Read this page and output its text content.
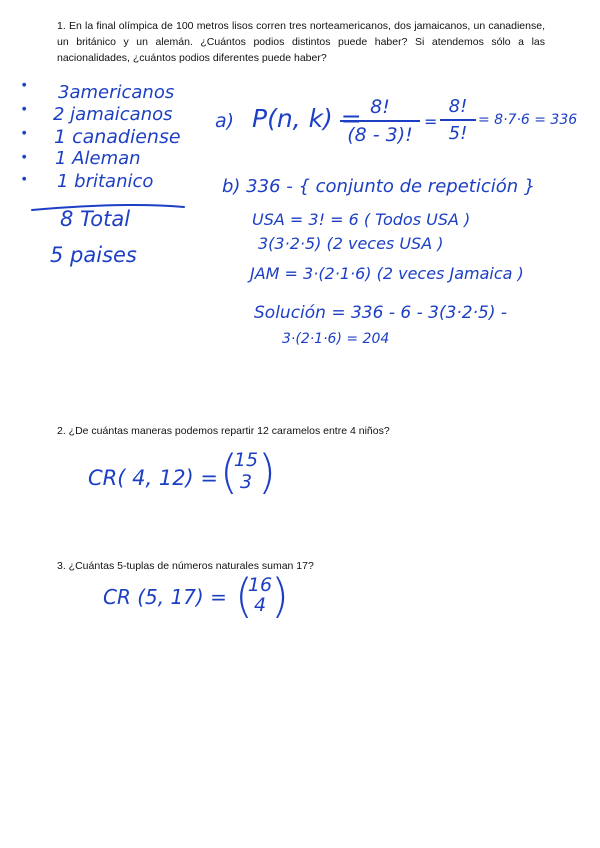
1. En la final olímpica de 100 metros lisos corren tres norteamericanos, dos jamaicanos, un canadiense, un británico y un alemán. ¿Cuántos podios distintos puede haber? Si atendemos sólo a las nacionalidades, ¿cuántos podios diferentes puede haber?
2. ¿De cuántas maneras podemos repartir 12 caramelos entre 4 niños?
3. ¿Cuántas 5-tuplas de números naturales suman 17?
● 3americanos
● 2 jamaicanos
● 1 canadiense
● 1 Aleman
● 1 britanico
8 Total
5 paises
a) P(n, k) = 8!
(8 - 3)!
=
8!
5!
= 8·7·6 = 336
b) 336 - { conjunto de repetición }
USA = 3! = 6 ( Todos USA )
3(3·2·5) (2 veces USA )
JAM = 3·(2·1·6) (2 veces Jamaica )
Solución = 336 - 6 - 3(3·2·5) -
3·(2·1·6) = 204
CR( 4, 12) = (
15
3 )
CR (5, 17) = (
16
4 )
